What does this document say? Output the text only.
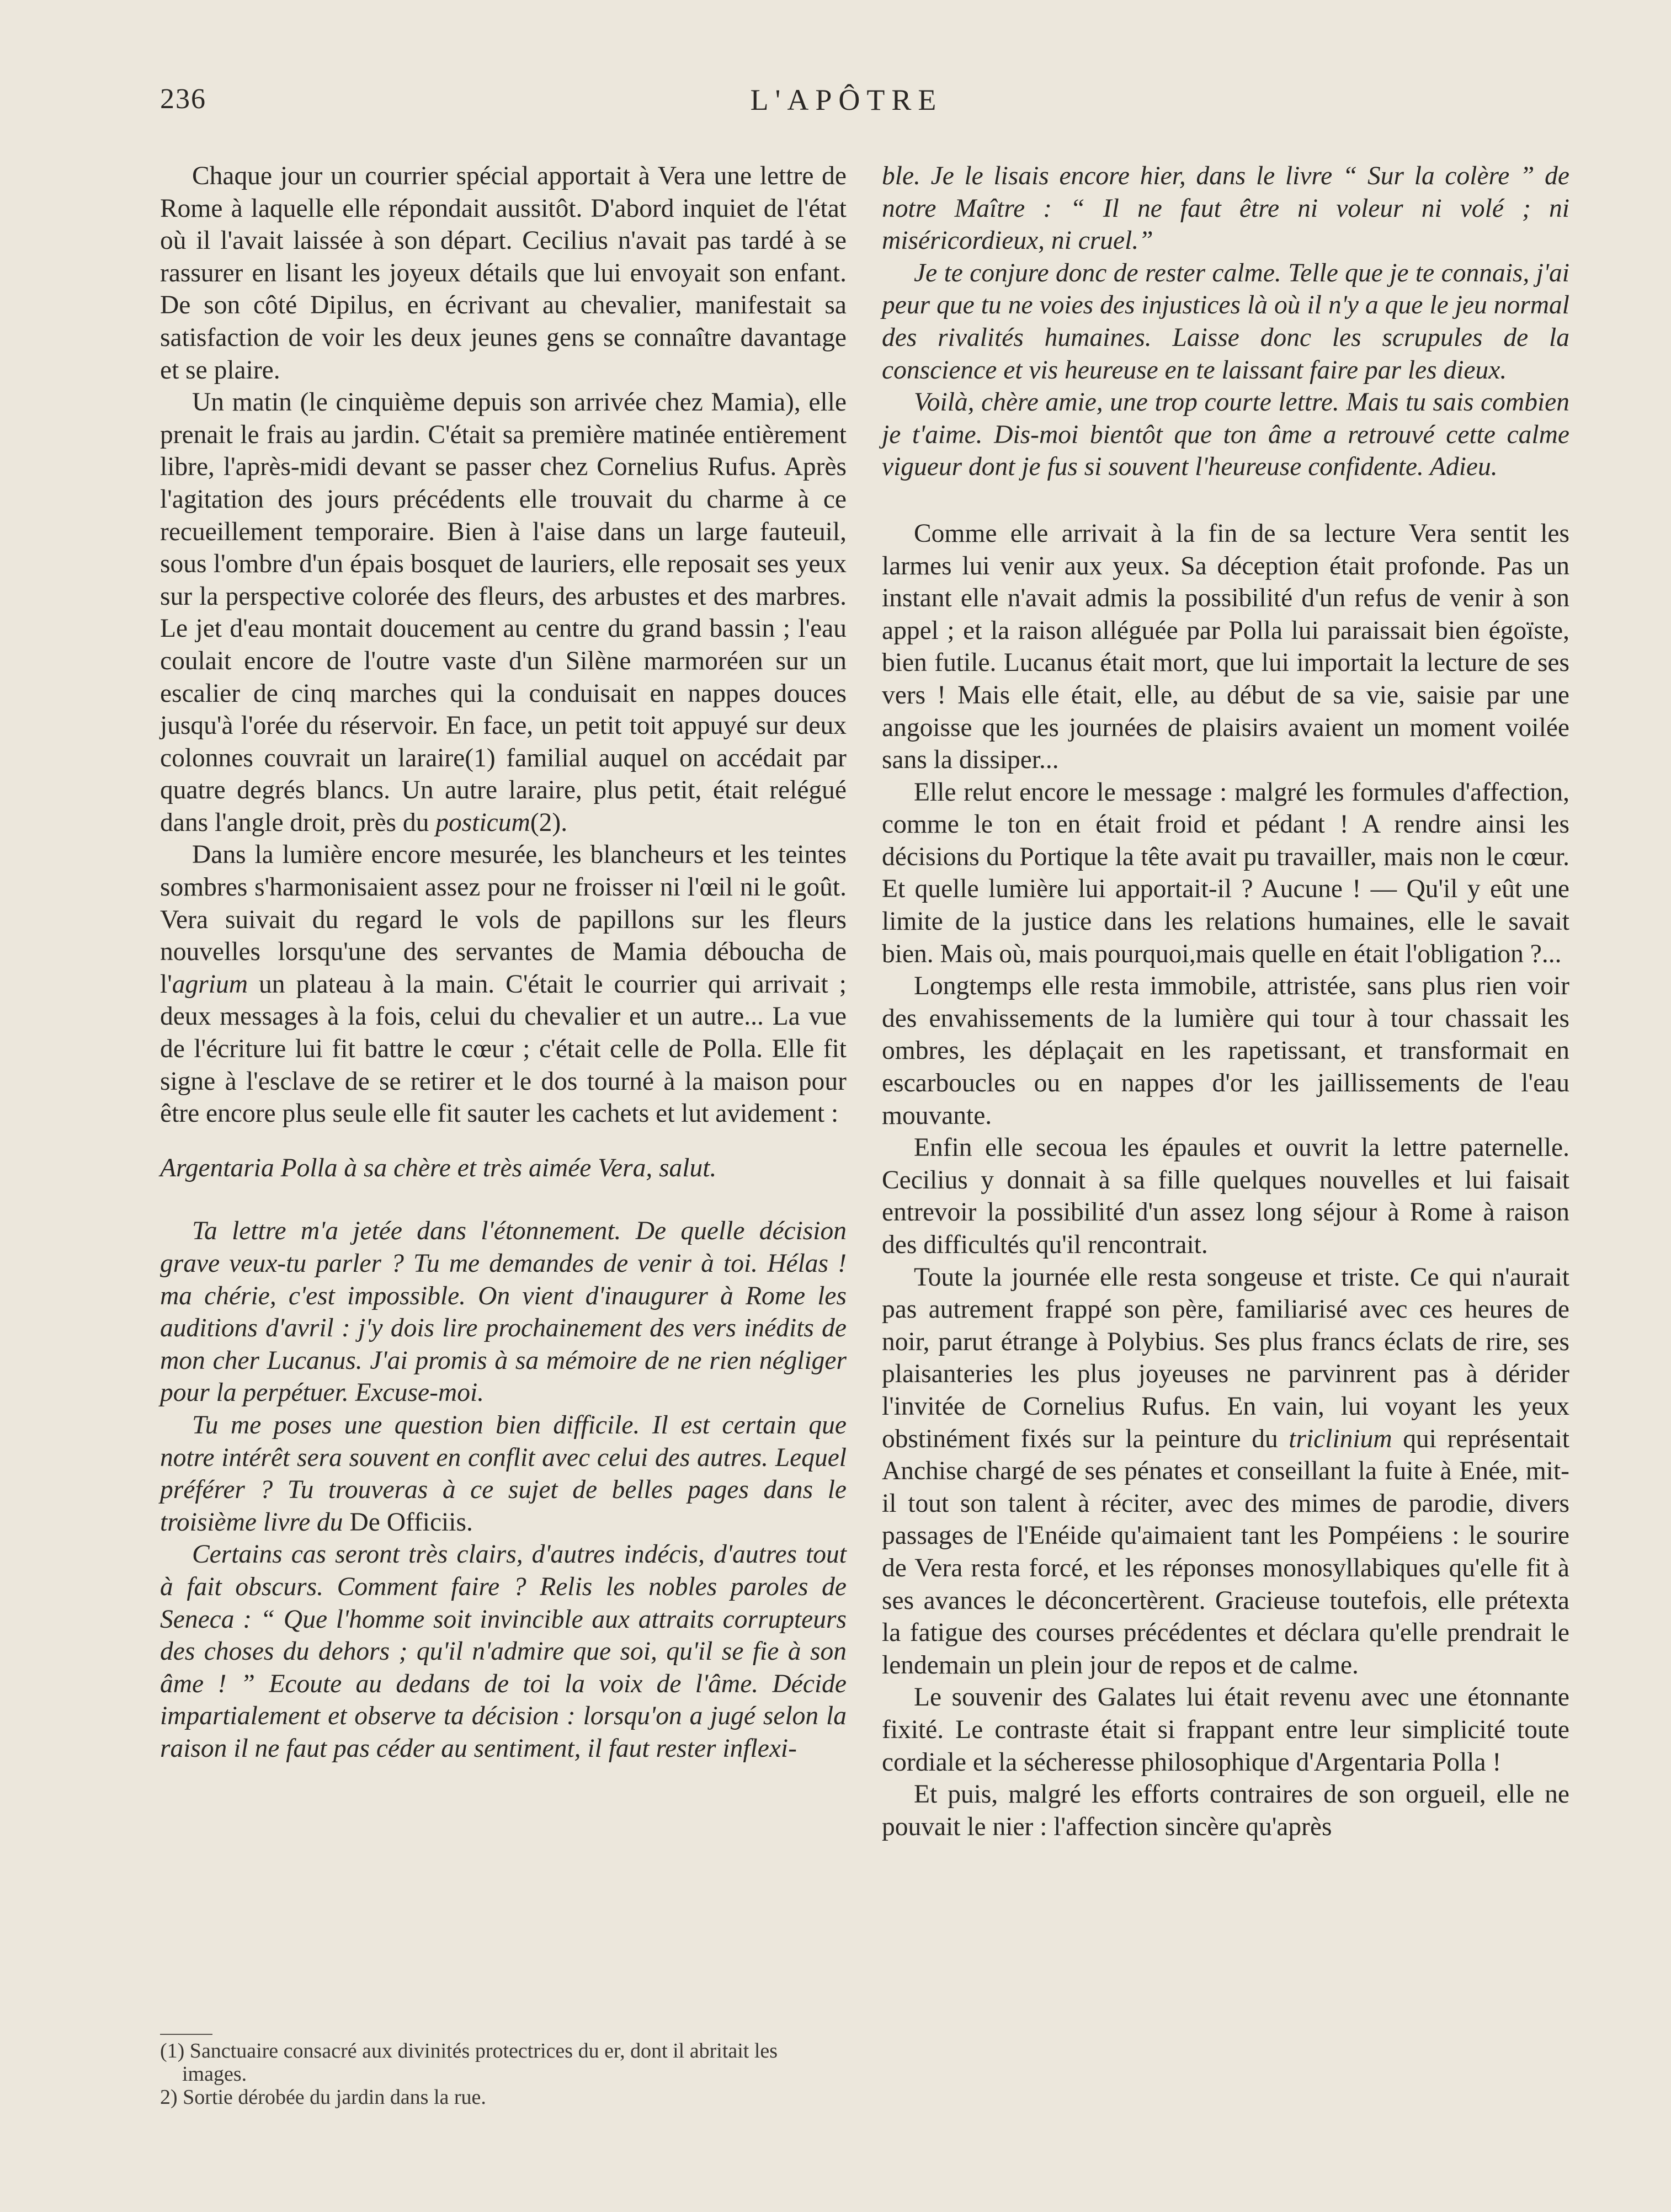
236	L'APÔTRE

Chaque jour un courrier spécial apportait à Vera une lettre de Rome à laquelle elle répondait aussitôt. D'abord inquiet de l'état où il l'avait laissée à son départ. Cecilius n'avait pas tardé à se rassurer en lisant les joyeux détails que lui envoyait son enfant. De son côté Dipilus, en écrivant au chevalier, manifestait sa satisfaction de voir les deux jeunes gens se connaître davantage et se plaire.

Un matin (le cinquième depuis son arrivée chez Mamia), elle prenait le frais au jardin. C'était sa première matinée entièrement libre, l'après-midi devant se passer chez Cornelius Rufus. Après l'agitation des jours précédents elle trouvait du charme à ce recueillement temporaire. Bien à l'aise dans un large fauteuil, sous l'ombre d'un épais bosquet de lauriers, elle reposait ses yeux sur la perspective colorée des fleurs, des arbustes et des marbres. Le jet d'eau montait doucement au centre du grand bassin ; l'eau coulait encore de l'outre vaste d'un Silène marmoréen sur un escalier de cinq marches qui la conduisait en nappes douces jusqu'à l'orée du réservoir. En face, un petit toit appuyé sur deux colonnes couvrait un laraire(1) familial auquel on accédait par quatre degrés blancs. Un autre laraire, plus petit, était relégué dans l'angle droit, près du posticum(2).

Dans la lumière encore mesurée, les blancheurs et les teintes sombres s'harmonisaient assez pour ne froisser ni l'œil ni le goût. Vera suivait du regard le vols de papillons sur les fleurs nouvelles lorsqu'une des servantes de Mamia déboucha de l'agrium un plateau à la main. C'était le courrier qui arrivait ; deux messages à la fois, celui du chevalier et un autre... La vue de l'écriture lui fit battre le cœur ; c'était celle de Polla. Elle fit signe à l'esclave de se retirer et le dos tourné à la maison pour être encore plus seule elle fit sauter les cachets et lut avidement :

Argentaria Polla à sa chère et très aimée Vera, salut.

Ta lettre m'a jetée dans l'étonnement. De quelle décision grave veux-tu parler ? Tu me demandes de venir à toi. Hélas ! ma chérie, c'est impossible. On vient d'inaugurer à Rome les auditions d'avril : j'y dois lire prochainement des vers inédits de mon cher Lucanus. J'ai promis à sa mémoire de ne rien négliger pour la perpétuer. Excuse-moi.

Tu me poses une question bien difficile. Il est certain que notre intérêt sera souvent en conflit avec celui des autres. Lequel préférer ? Tu trouveras à ce sujet de belles pages dans le troisième livre du De Officiis.

Certains cas seront très clairs, d'autres indécis, d'autres tout à fait obscurs. Comment faire ? Relis les nobles paroles de Seneca : “ Que l'homme soit invincible aux attraits corrupteurs des choses du dehors ; qu'il n'admire que soi, qu'il se fie à son âme ! ” Ecoute au dedans de toi la voix de l'âme. Décide impartialement et observe ta décision : lorsqu'on a jugé selon la raison il ne faut pas céder au sentiment, il faut rester inflexi-

(1) Sanctuaire consacré aux divinités protectrices du er, dont il abritait les images.

2) Sortie dérobée du jardin dans la rue.

ble. Je le lisais encore hier, dans le livre “ Sur la colère ” de notre Maître : “ Il ne faut être ni voleur ni volé ; ni miséricordieux, ni cruel.”

Je te conjure donc de rester calme. Telle que je te connais, j'ai peur que tu ne voies des injustices là où il n'y a que le jeu normal des rivalités humaines. Laisse donc les scrupules de la conscience et vis heureuse en te laissant faire par les dieux.

Voilà, chère amie, une trop courte lettre. Mais tu sais combien je t'aime. Dis-moi bientôt que ton âme a retrouvé cette calme vigueur dont je fus si souvent l'heureuse confidente. Adieu.

Comme elle arrivait à la fin de sa lecture Vera sentit les larmes lui venir aux yeux. Sa déception était profonde. Pas un instant elle n'avait admis la possibilité d'un refus de venir à son appel ; et la raison alléguée par Polla lui paraissait bien égoïste, bien futile. Lucanus était mort, que lui importait la lecture de ses vers ! Mais elle était, elle, au début de sa vie, saisie par une angoisse que les journées de plaisirs avaient un moment voilée sans la dissiper...

Elle relut encore le message : malgré les formules d'affection, comme le ton en était froid et pédant ! A rendre ainsi les décisions du Portique la tête avait pu travailler, mais non le cœur. Et quelle lumière lui apportait-il ? Aucune ! — Qu'il y eût une limite de la justice dans les relations humaines, elle le savait bien. Mais où, mais pourquoi,mais quelle en était l'obligation ?...

Longtemps elle resta immobile, attristée, sans plus rien voir des envahissements de la lumière qui tour à tour chassait les ombres, les déplaçait en les rapetissant, et transformait en escarboucles ou en nappes d'or les jaillissements de l'eau mouvante.

Enfin elle secoua les épaules et ouvrit la lettre paternelle. Cecilius y donnait à sa fille quelques nouvelles et lui faisait entrevoir la possibilité d'un assez long séjour à Rome à raison des difficultés qu'il rencontrait.

Toute la journée elle resta songeuse et triste. Ce qui n'aurait pas autrement frappé son père, familiarisé avec ces heures de noir, parut étrange à Polybius. Ses plus francs éclats de rire, ses plaisanteries les plus joyeuses ne parvinrent pas à dérider l'invitée de Cornelius Rufus. En vain, lui voyant les yeux obstinément fixés sur la peinture du triclinium qui représentait Anchise chargé de ses pénates et conseillant la fuite à Enée, mit-il tout son talent à réciter, avec des mimes de parodie, divers passages de l'Enéide qu'aimaient tant les Pompéiens : le sourire de Vera resta forcé, et les réponses monosyllabiques qu'elle fit à ses avances le déconcertèrent. Gracieuse toutefois, elle prétexta la fatigue des courses précédentes et déclara qu'elle prendrait le lendemain un plein jour de repos et de calme.

Le souvenir des Galates lui était revenu avec une étonnante fixité. Le contraste était si frappant entre leur simplicité toute cordiale et la sécheresse philosophique d'Argentaria Polla !

Et puis, malgré les efforts contraires de son orgueil, elle ne pouvait le nier : l'affection sincère qu'après
